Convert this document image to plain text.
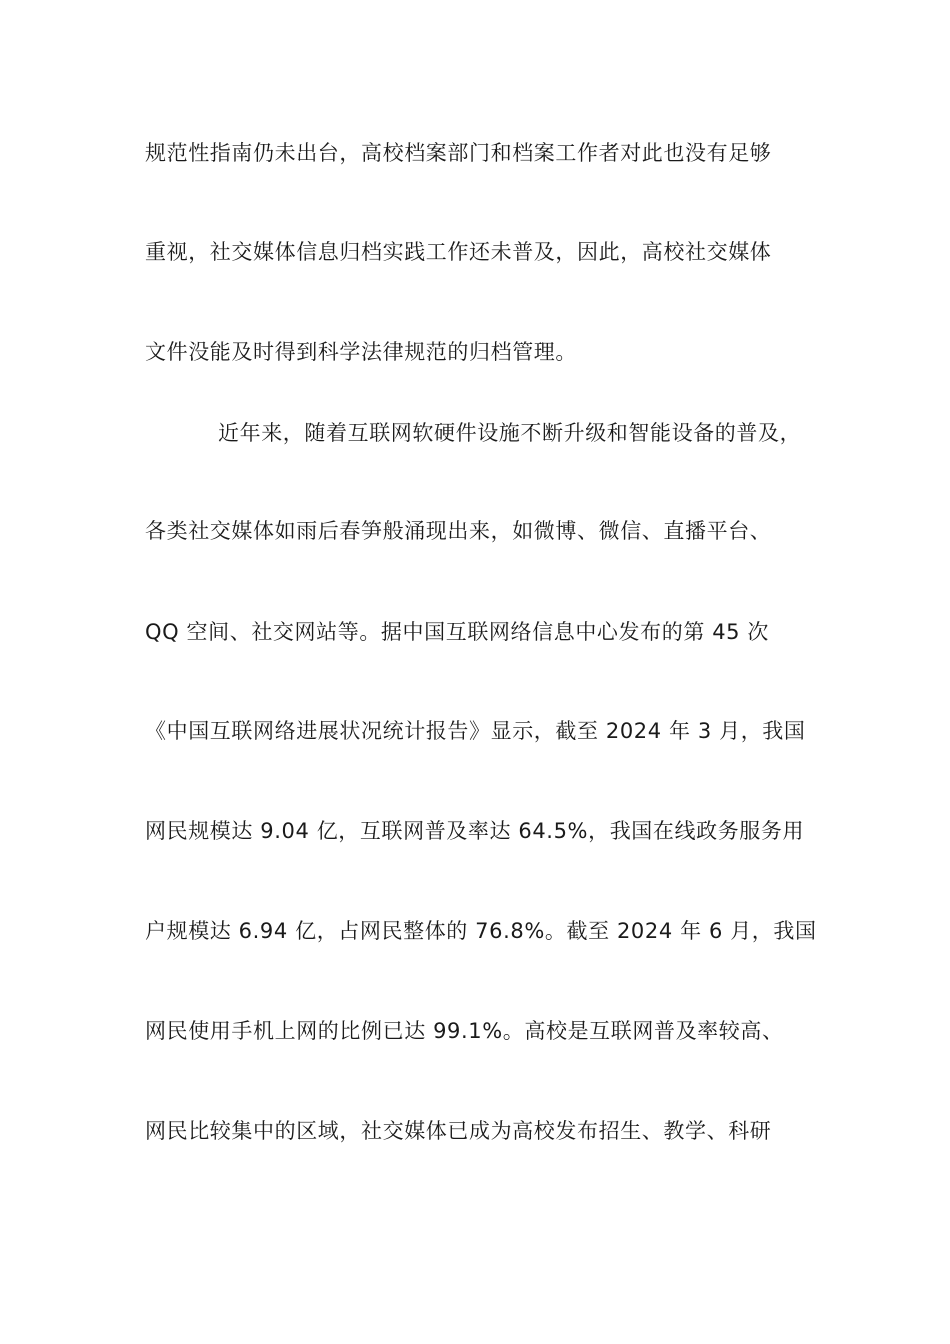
规范性指南仍未出台，高校档案部门和档案工作者对此也没有足够
重视，社交媒体信息归档实践工作还未普及，因此，高校社交媒体
文件没能及时得到科学法律规范的归档管理。
近年来，随着互联网软硬件设施不断升级和智能设备的普及，
各类社交媒体如雨后春笋般涌现出来，如微博、微信、直播平台、
QQ 空间、社交网站等。据中国互联网络信息中心发布的第 45 次
《中国互联网络进展状况统计报告》显示，截至 2024 年 3 月，我国
网民规模达 9.04 亿，互联网普及率达 64.5%，我国在线政务服务用
户规模达 6.94 亿，占网民整体的 76.8%。截至 2024 年 6 月，我国
网民使用手机上网的比例已达 99.1%。高校是互联网普及率较高、
网民比较集中的区域，社交媒体已成为高校发布招生、教学、科研
